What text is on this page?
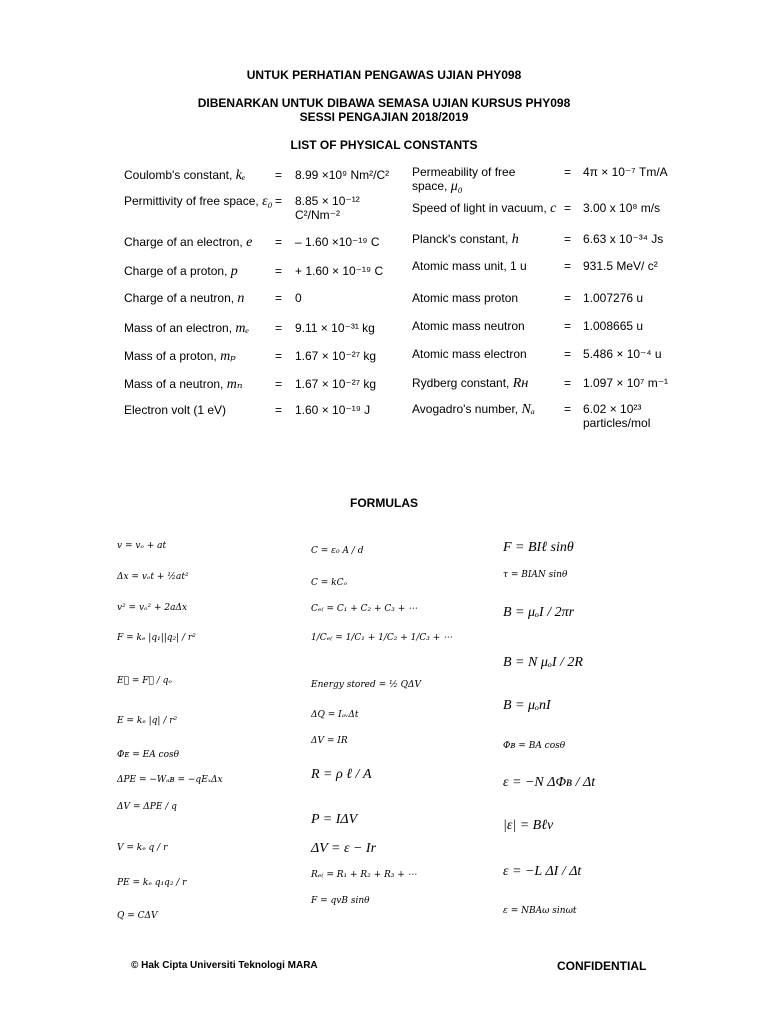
UNTUK PERHATIAN PENGAWAS UJIAN PHY098
DIBENARKAN UNTUK DIBAWA SEMASA UJIAN KURSUS PHY098
SESSI PENGAJIAN 2018/2019
LIST OF PHYSICAL CONSTANTS
Coulomb's constant, kₑ	= 8.99 ×10⁹ Nm²/C²
Permittivity of free space, ε₀ = 8.85 × 10⁻¹²
C²/Nm⁻²
Charge of an electron, e	= – 1.60 ×10⁻¹⁹ C
Charge of a proton, p	= + 1.60 × 10⁻¹⁹ C
Charge of a neutron, n	= 0
Mass of an electron, mₑ	= 9.11 × 10⁻³¹ kg
Mass of a proton, mₚ	= 1.67 × 10⁻²⁷ kg
Mass of a neutron, mₙ	= 1.67 × 10⁻²⁷ kg
Electron volt (1 eV)	= 1.60 × 10⁻¹⁹ J
Permeability of free
space, μ₀
= 4π × 10⁻⁷ Tm/A
Speed of light in vacuum, c = 3.00 x 10⁸ m/s
Planck's constant, h	= 6.63 x 10⁻³⁴ Js
Atomic mass unit, 1 u	= 931.5 MeV/ c²
Atomic mass proton	= 1.007276 u
Atomic mass neutron	= 1.008665 u
Atomic mass electron	= 5.486 × 10⁻⁴ u
Rydberg constant, Rʜ	= 1.097 × 10⁷ m⁻¹
Avogadro's number, Nₐ	= 6.02 × 10²³
particles/mol
FORMULAS
v = vₒ + at
Δx = vₒt + ½at²
v² = vₒ² + 2aΔx
F = kₑ |q₁||q₂| / r²
E⃗ = F⃗ / qₒ
E = kₑ |q| / r²
Φᴇ = EA cosθ
ΔPE = −Wₐʙ = −qEₓΔx
ΔV = ΔPE / q
V = kₑ q / r
PE = kₑ q₁q₂ / r
Q = CΔV
C = ε₀ A / d
C = kCₒ
Cₑ₍ = C₁ + C₂ + C₃ + ⋯
1/Cₑ₍ = 1/C₁ + 1/C₂ + 1/C₃ + ⋯
Energy stored = ½ QΔV
ΔQ = IₐᵥΔt
ΔV = IR
R = ρ ℓ / A
P = IΔV
ΔV = ε − Ir
Rₑ₍ = R₁ + R₂ + R₃ + ⋯
F = qvB sinθ
F = BIℓ sinθ
τ = BIAN sinθ
B = μₒI / 2πr
B = N μₒI / 2R
B = μₒnI
Φʙ = BA cosθ
ε = −N ΔΦʙ / Δt
|ε| = Bℓv
ε = −L ΔI / Δt
ε = NBAω sinωt
© Hak Cipta Universiti Teknologi MARA	CONFIDENTIAL
